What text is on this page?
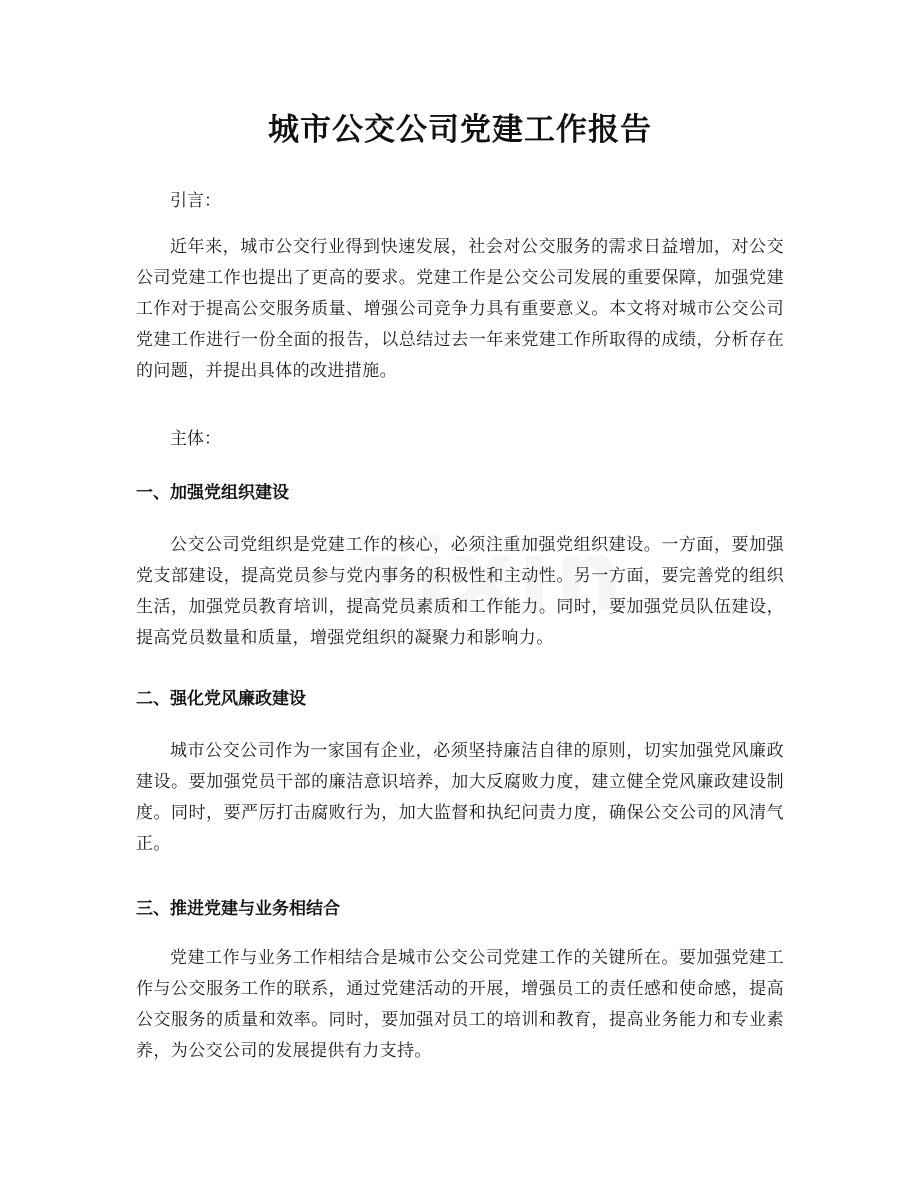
城市公交公司党建工作报告

引言：

近年来，城市公交行业得到快速发展，社会对公交服务的需求日益增加，对公交公司党建工作也提出了更高的要求。党建工作是公交公司发展的重要保障，加强党建工作对于提高公交服务质量、增强公司竞争力具有重要意义。本文将对城市公交公司党建工作进行一份全面的报告，以总结过去一年来党建工作所取得的成绩，分析存在的问题，并提出具体的改进措施。

主体：

一、加强党组织建设

公交公司党组织是党建工作的核心，必须注重加强党组织建设。一方面，要加强党支部建设，提高党员参与党内事务的积极性和主动性。另一方面，要完善党的组织生活，加强党员教育培训，提高党员素质和工作能力。同时，要加强党员队伍建设，提高党员数量和质量，增强党组织的凝聚力和影响力。

二、强化党风廉政建设

城市公交公司作为一家国有企业，必须坚持廉洁自律的原则，切实加强党风廉政建设。要加强党员干部的廉洁意识培养，加大反腐败力度，建立健全党风廉政建设制度。同时，要严厉打击腐败行为，加大监督和执纪问责力度，确保公交公司的风清气正。

三、推进党建与业务相结合

党建工作与业务工作相结合是城市公交公司党建工作的关键所在。要加强党建工作与公交服务工作的联系，通过党建活动的开展，增强员工的责任感和使命感，提高公交服务的质量和效率。同时，要加强对员工的培训和教育，提高业务能力和专业素养，为公交公司的发展提供有力支持。
